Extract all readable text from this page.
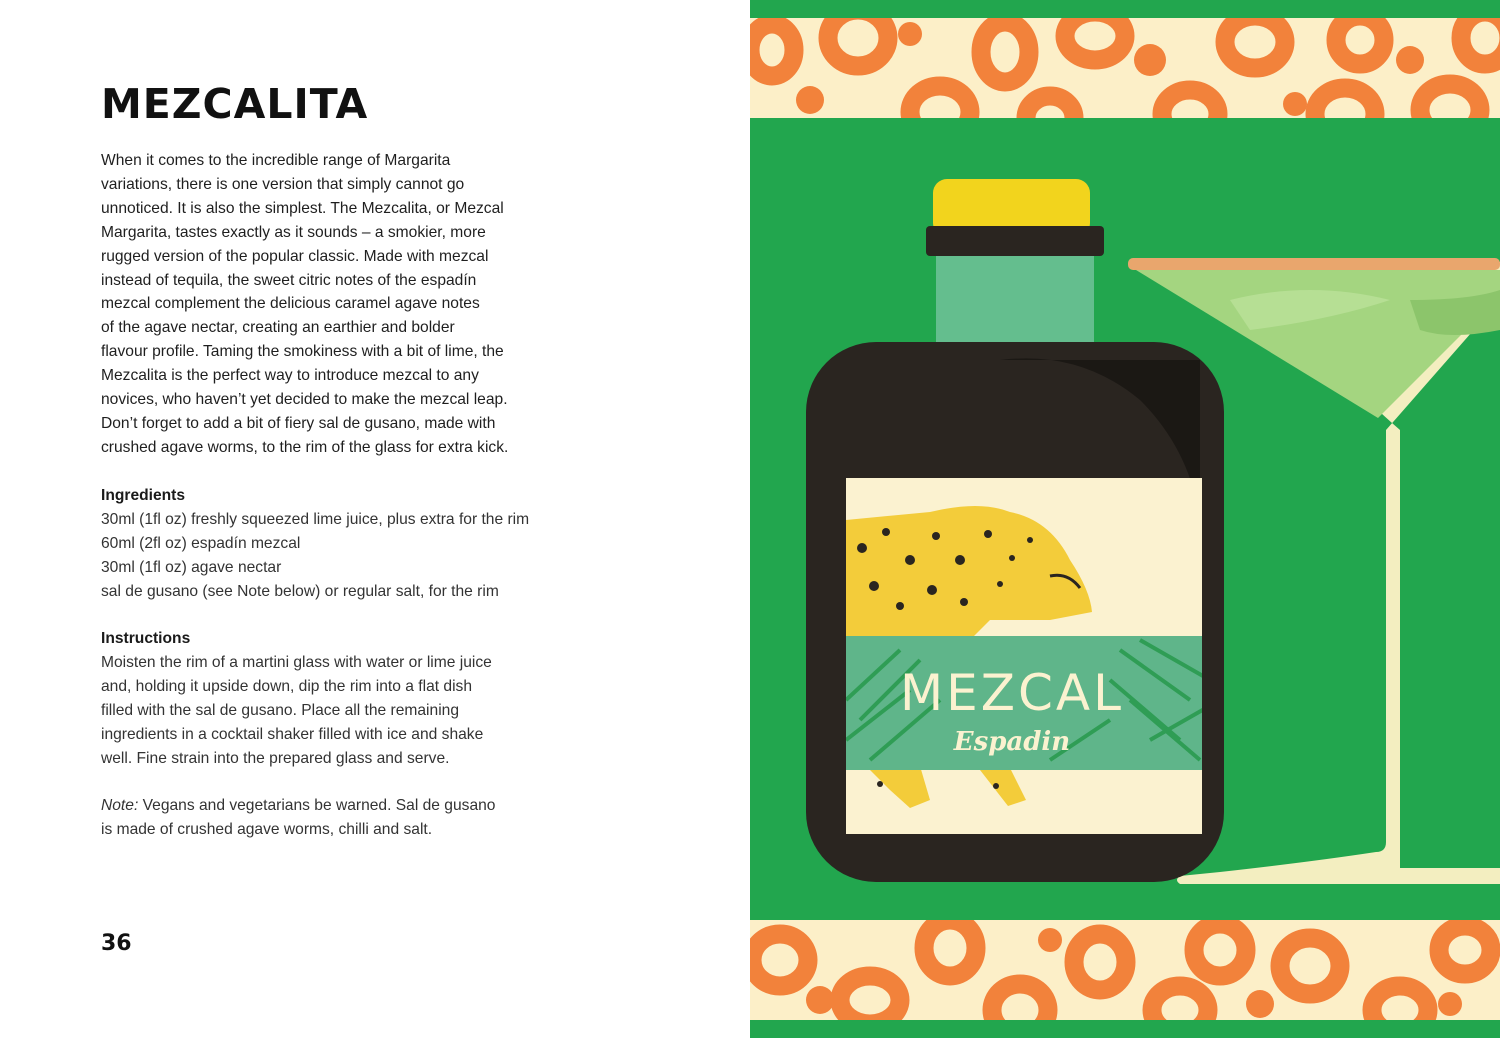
MEZCALITA

When it comes to the incredible range of Margarita
variations, there is one version that simply cannot go
unnoticed. It is also the simplest. The Mezcalita, or Mezcal
Margarita, tastes exactly as it sounds – a smokier, more
rugged version of the popular classic. Made with mezcal
instead of tequila, the sweet citric notes of the espadín
mezcal complement the delicious caramel agave notes
of the agave nectar, creating an earthier and bolder
flavour profile. Taming the smokiness with a bit of lime, the
Mezcalita is the perfect way to introduce mezcal to any
novices, who haven’t yet decided to make the mezcal leap.
Don’t forget to add a bit of fiery sal de gusano, made with
crushed agave worms, to the rim of the glass for extra kick.

Ingredients
30ml (1fl oz) freshly squeezed lime juice, plus extra for the rim
60ml (2fl oz) espadín mezcal
30ml (1fl oz) agave nectar
sal de gusano (see Note below) or regular salt, for the rim
Instructions

Moisten the rim of a martini glass with water or lime juice
and, holding it upside down, dip the rim into a flat dish
filled with the sal de gusano. Place all the remaining
ingredients in a cocktail shaker filled with ice and shake
well. Fine strain into the prepared glass and serve.

Note: Vegans and vegetarians be warned. Sal de gusano
is made of crushed agave worms, chilli and salt.

36
MEZCAL
Espadin
